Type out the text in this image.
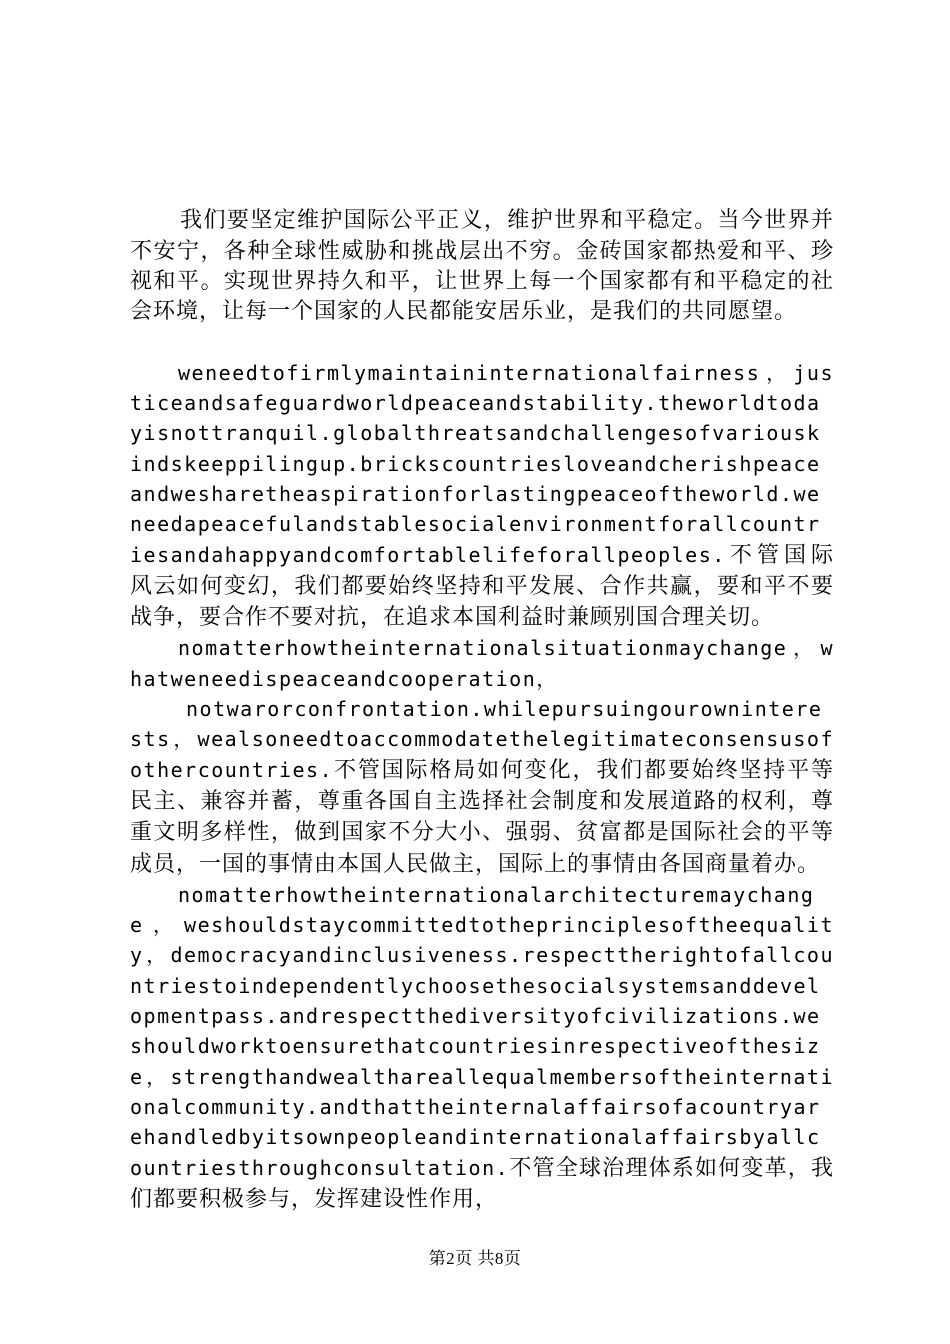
我们要坚定维护国际公平正义，维护世界和平稳定。当今世界并不安宁，各种全球性威胁和挑战层出不穷。金砖国家都热爱和平、珍视和平。实现世界持久和平，让世界上每一个国家都有和平稳定的社会环境，让每一个国家的人民都能安居乐业，是我们的共同愿望。

weneedtofirmlymaintaininternationalfairness，justiceandsafeguardworldpeaceandstability.theworldtodayisnottranquil.globalthreatsandchallengesofvariouskindskeeppilingup.brickscountriesloveandcherishpeaceandwesharetheaspirationforlastingpeaceoftheworld.weneedapeacefulandstablesocialenvironmentforallcountriesandahappyandcomfortablelifeforallpeoples.不管国际风云如何变幻，我们都要始终坚持和平发展、合作共赢，要和平不要战争，要合作不要对抗，在追求本国利益时兼顾别国合理关切。

nomatterhowtheinternationalsituationmaychange，whatweneedispeaceandcooperation，

notwarorconfrontation.whilepursuingourowninterests，wealsoneedtoaccommodatethelegitimateconsensusofothercountries.不管国际格局如何变化，我们都要始终坚持平等民主、兼容并蓄，尊重各国自主选择社会制度和发展道路的权利，尊重文明多样性，做到国家不分大小、强弱、贫富都是国际社会的平等成员，一国的事情由本国人民做主，国际上的事情由各国商量着办。

nomatterhowtheinternationalarchitecturemaychange，weshouldstaycommittedtotheprinciplesoftheequality，democracyandinclusiveness.respecttherightofallcountriestoindependentlychoosethesocialsystemsanddevelopmentpass.andrespectthediversityofcivilizations.weshouldworktoensurethatcountriesinrespectiveofthesize，strengthandwealthareallequalmembersoftheinternationalcommunity.andthattheinternalaffairsofacountryarehandledbyitsownpeopleandinternationalaffairsbyallcountriesthroughconsultation.不管全球治理体系如何变革，我们都要积极参与，发挥建设性作用，

第2页 共8页
